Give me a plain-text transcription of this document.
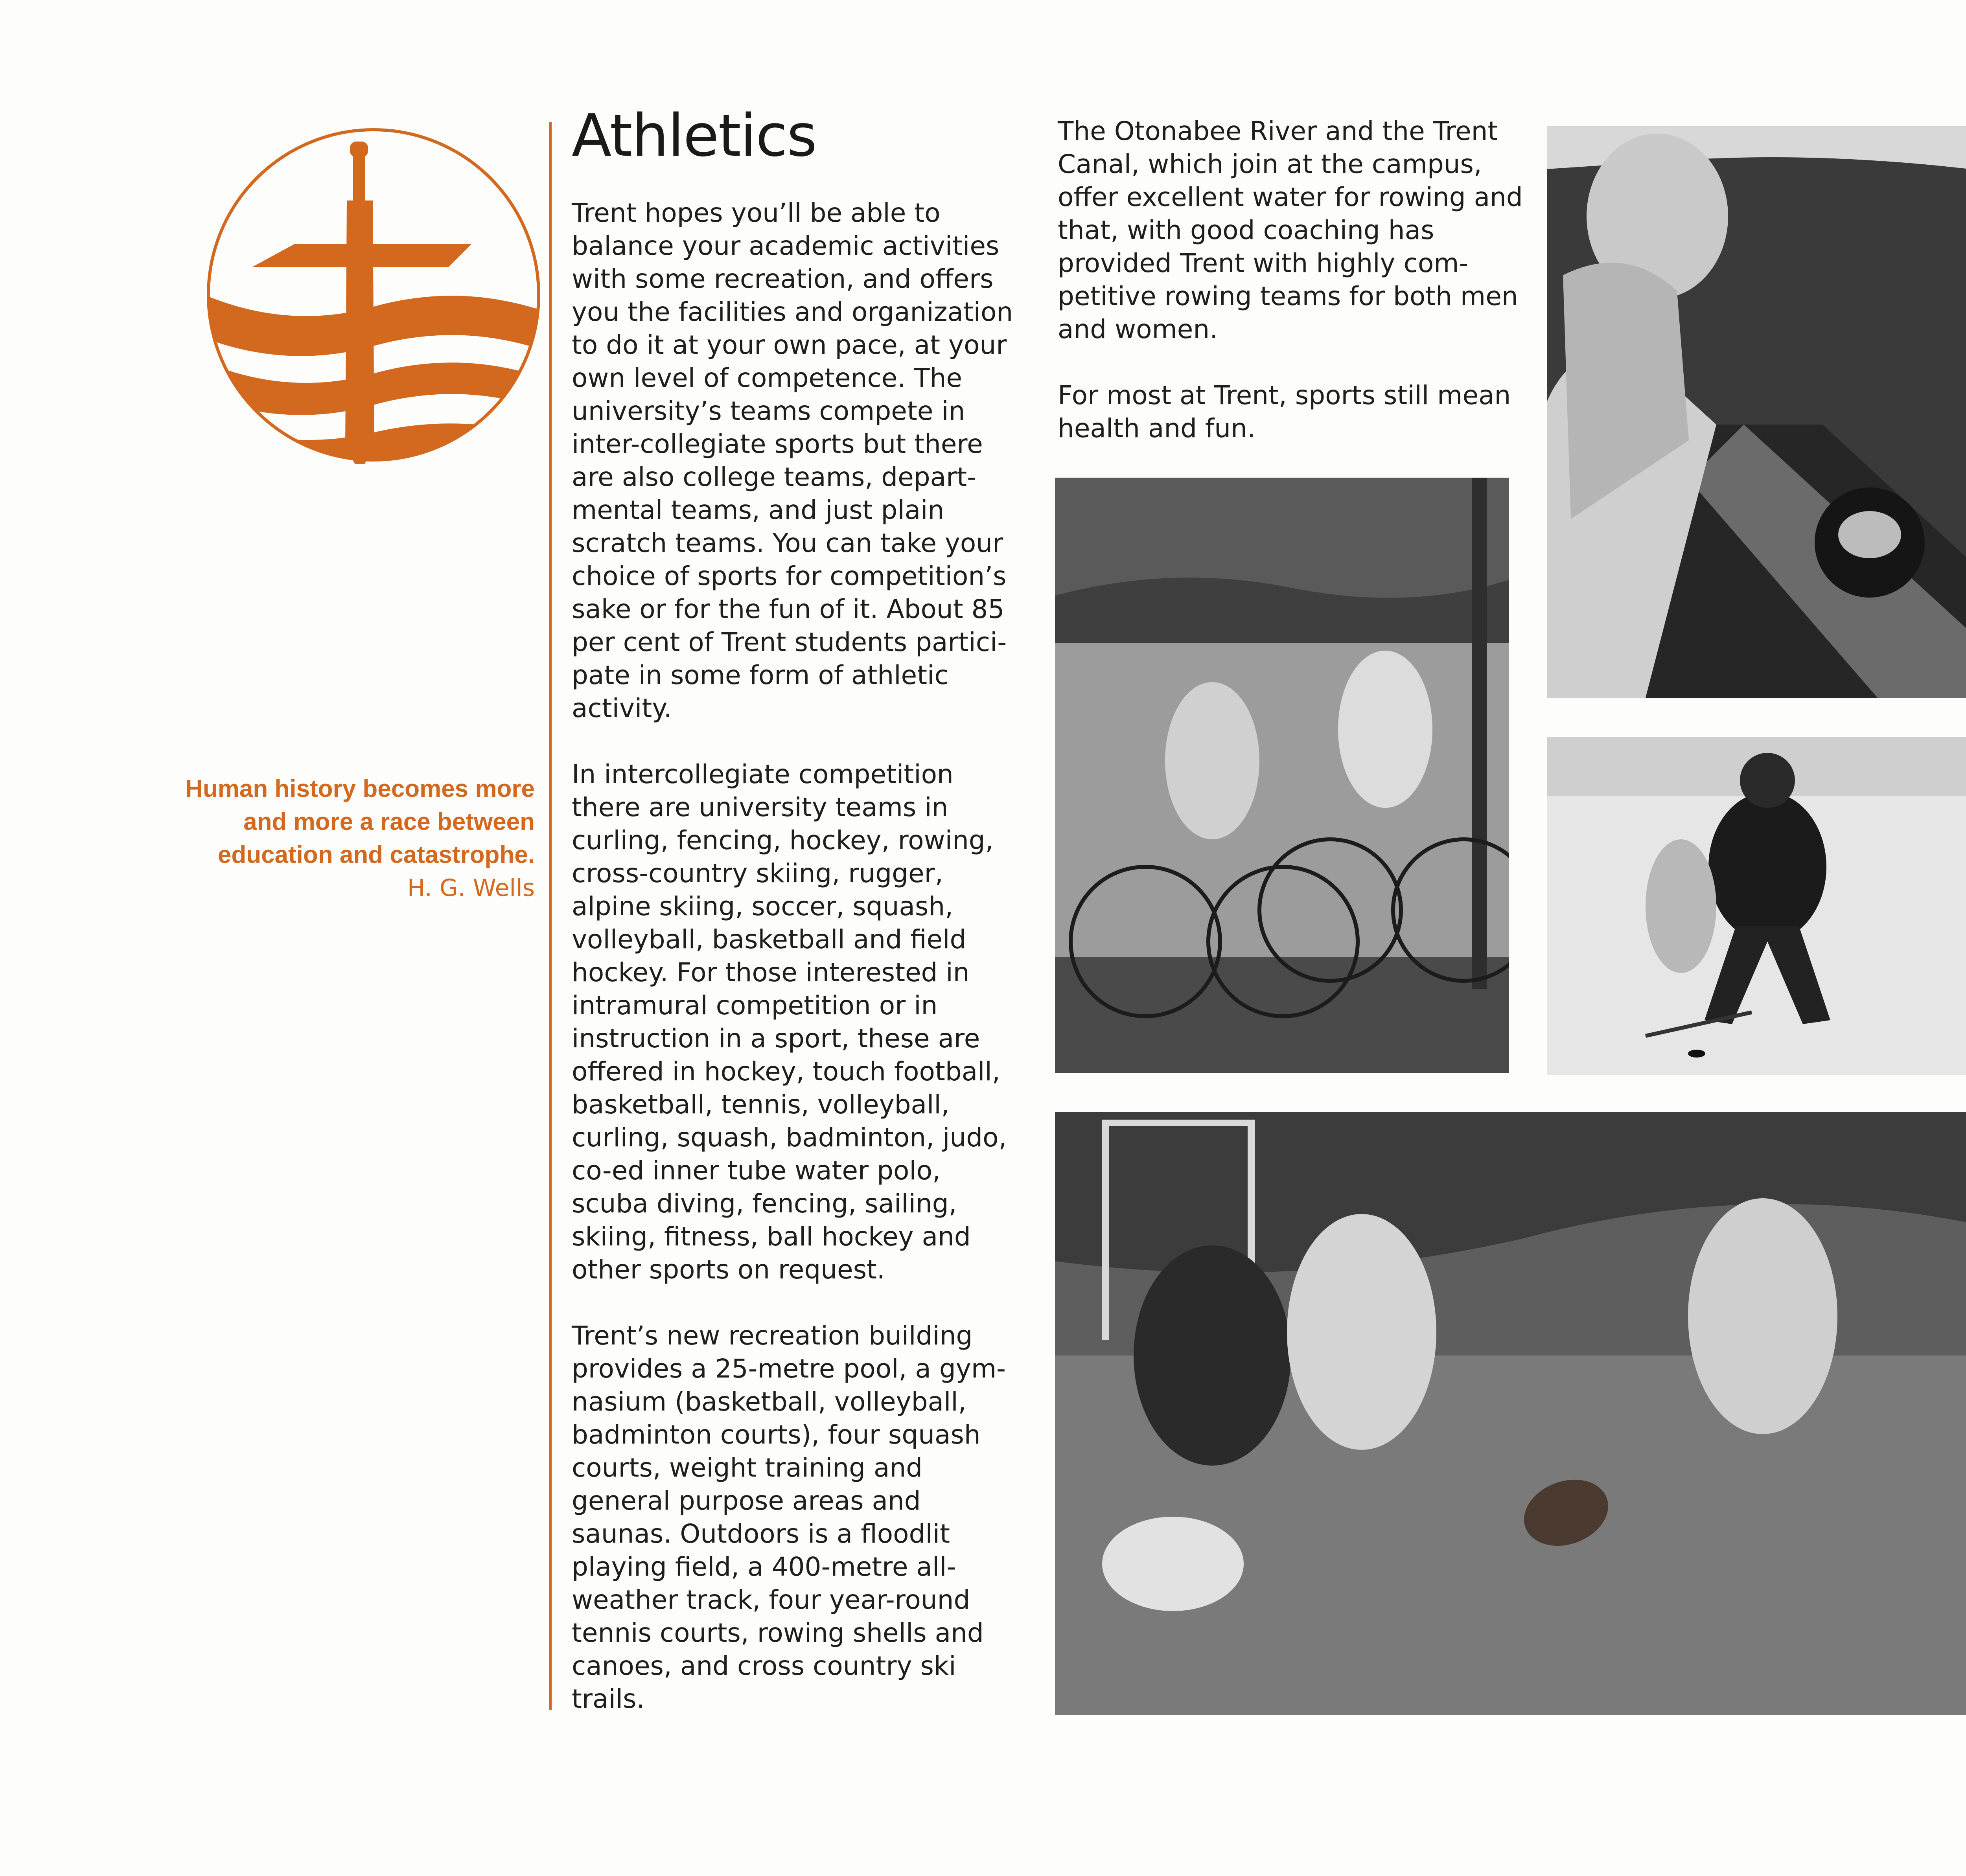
Human history becomes more and more a race between education and catastrophe.

H. G. Wells

Athletics

Trent hopes you’ll be able to balance your academic activities with some recreation, and offers you the facilities and organization to do it at your own pace, at your own level of competence. The university’s teams compete in inter-collegiate sports but there are also college teams, depart-mental teams, and just plain scratch teams. You can take your choice of sports for competition’s sake or for the fun of it. About 85 per cent of Trent students partici-pate in some form of athletic activity.

In intercollegiate competition there are university teams in curling, fencing, hockey, rowing, cross-country skiing, rugger, alpine skiing, soccer, squash, volleyball, basketball and field hockey. For those interested in intramural competition or in instruction in a sport, these are offered in hockey, touch football, basketball, tennis, volleyball, curling, squash, badminton, judo, co-ed inner tube water polo, scuba diving, fencing, sailing, skiing, fitness, ball hockey and other sports on request.

Trent’s new recreation building provides a 25-metre pool, a gym-nasium (basketball, volleyball, badminton courts), four squash courts, weight training and general purpose areas and saunas. Outdoors is a floodlit playing field, a 400-metre all-weather track, four year-round tennis courts, rowing shells and canoes, and cross country ski trails.

The Otonabee River and the Trent Canal, which join at the campus, offer excellent water for rowing and that, with good coaching has provided Trent with highly com-petitive rowing teams for both men and women.

For most at Trent, sports still mean health and fun.
